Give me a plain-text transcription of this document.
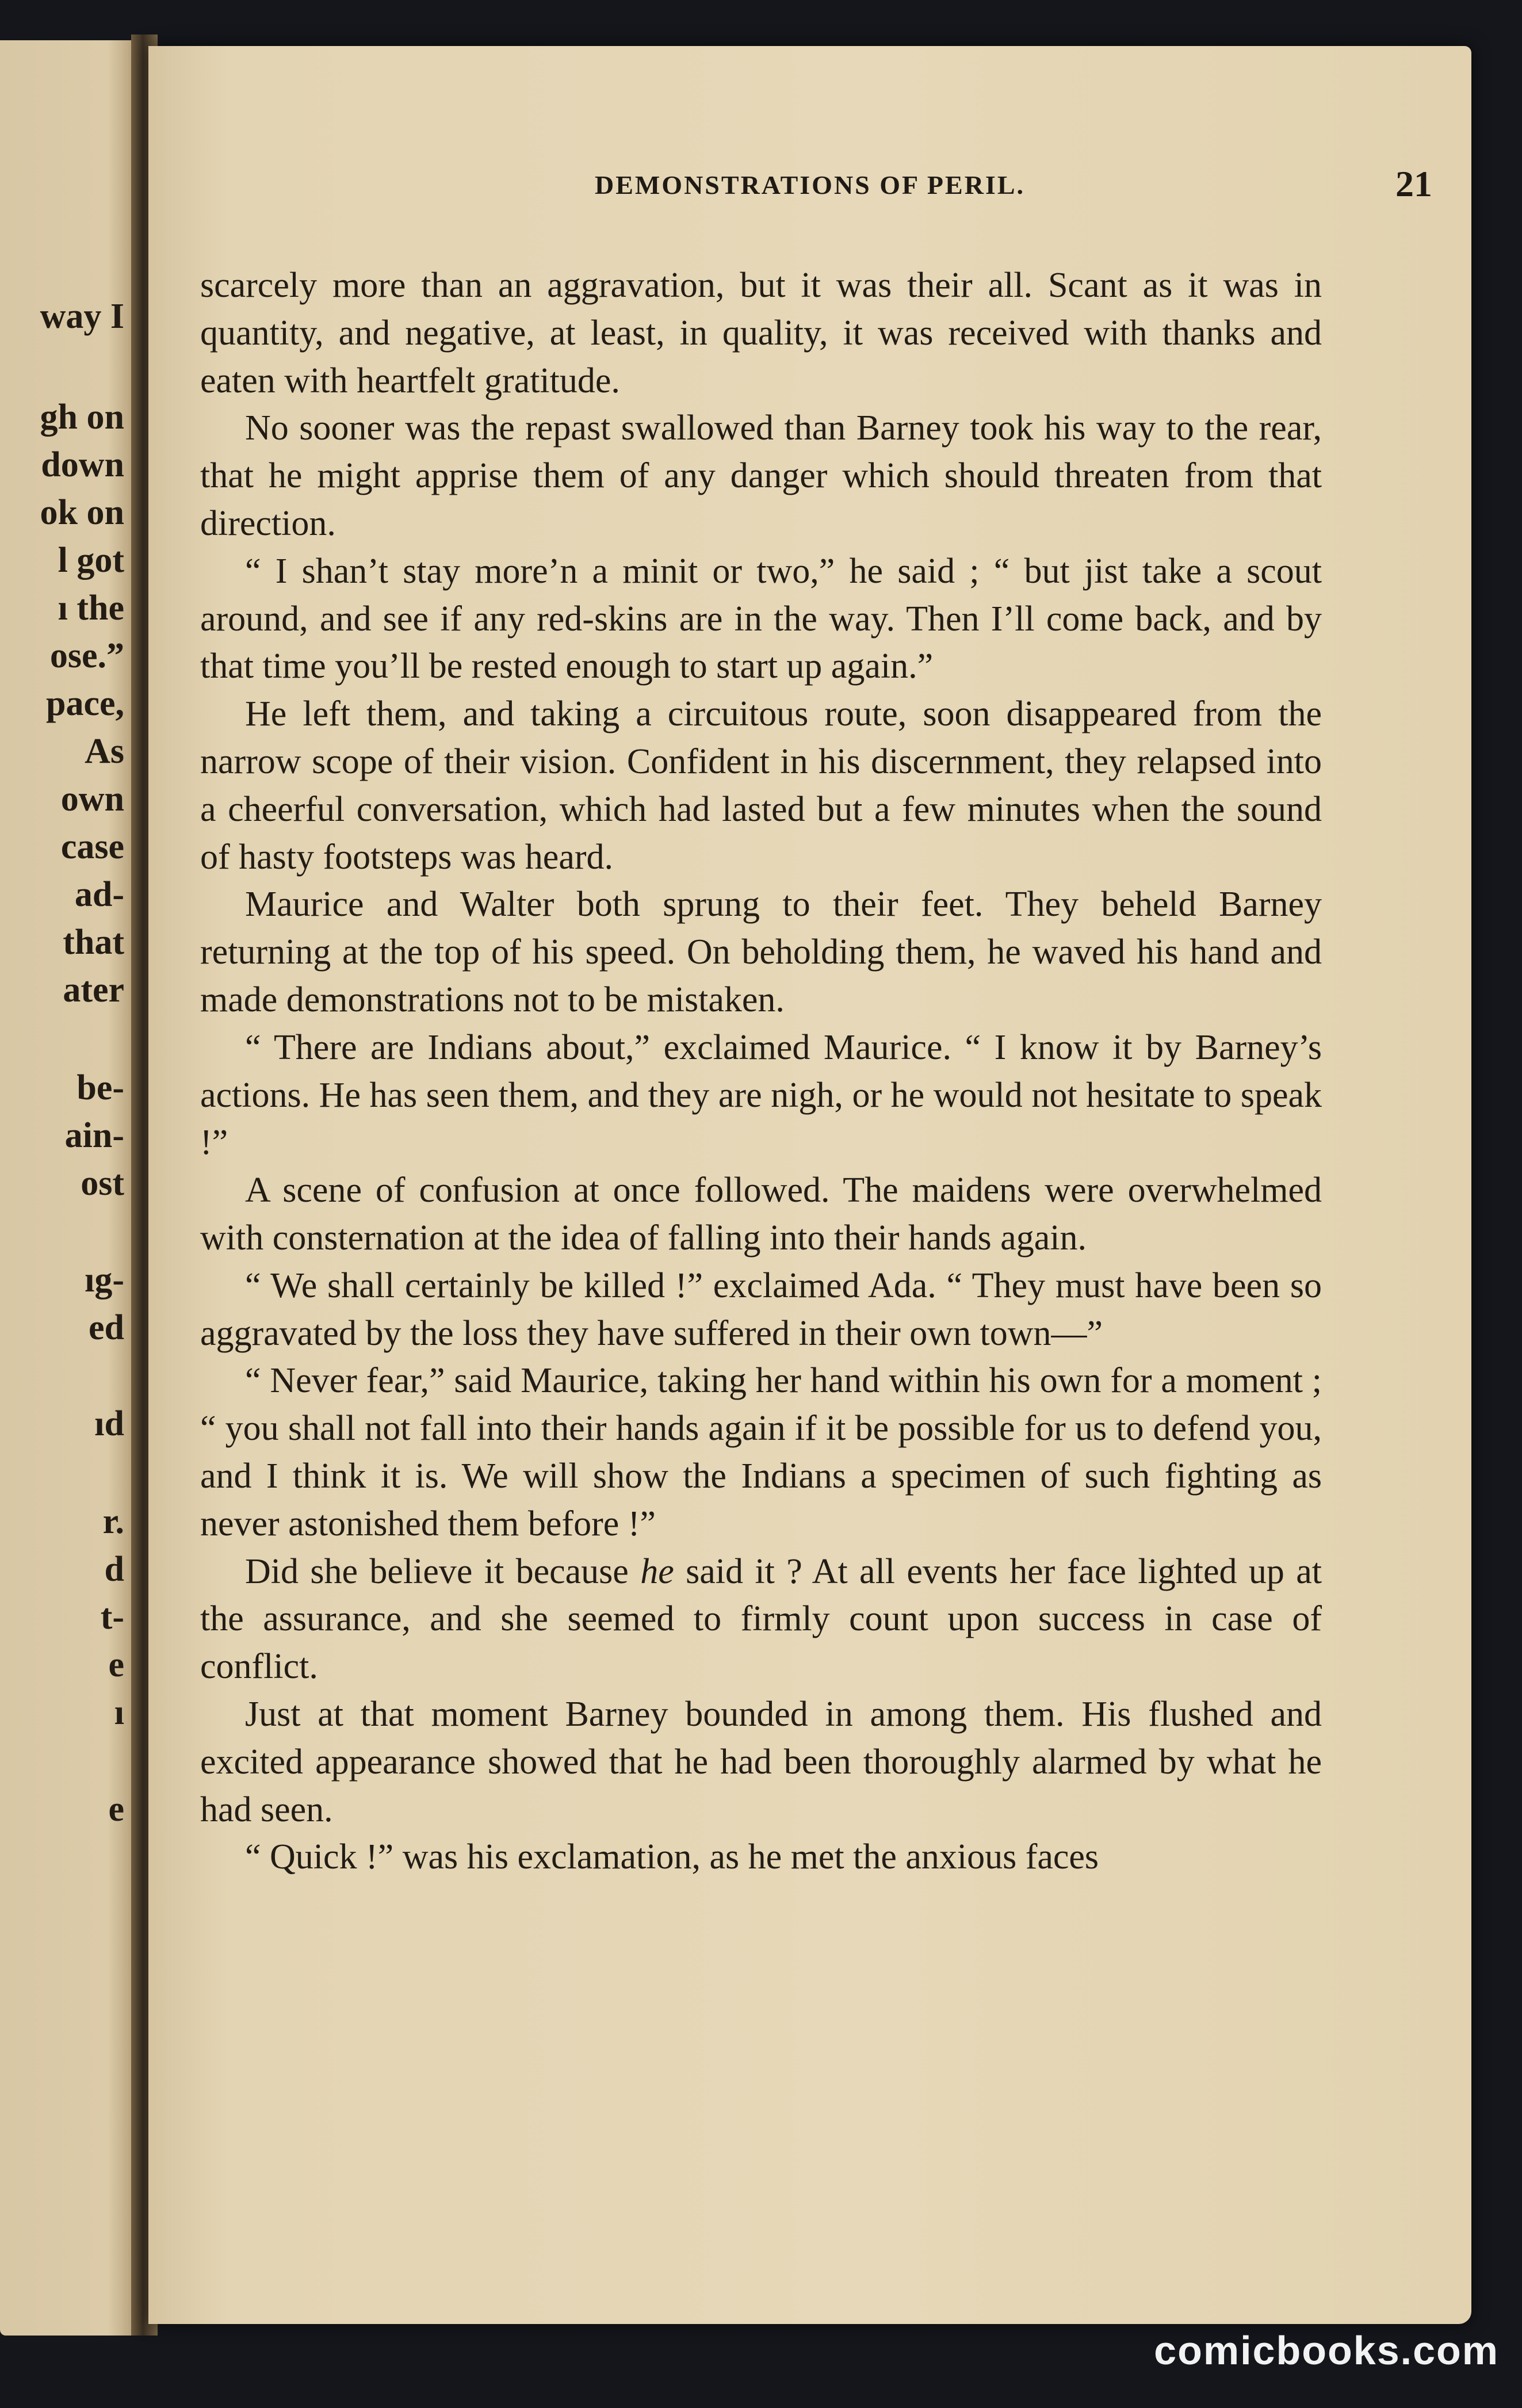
way I
gh on
down
ok on
l got
ı the
ose.”
pace,
As
own
case
ad-
that
ater
be-
ain-
ost
ıg-
ed
ıd
r.
d
t-
e
ı
e
DEMONSTRATIONS OF PERIL.	21

scarcely more than an aggravation, but it was their all. Scant as it was in quantity, and negative, at least, in quality, it was received with thanks and eaten with heartfelt gratitude.

No sooner was the repast swallowed than Barney took his way to the rear, that he might apprise them of any danger which should threaten from that direction.

“ I shan’t stay more’n a minit or two,” he said ; “ but jist take a scout around, and see if any red-skins are in the way. Then I’ll come back, and by that time you’ll be rested enough to start up again.”

He left them, and taking a circuitous route, soon disappeared from the narrow scope of their vision. Confident in his discernment, they relapsed into a cheerful conversation, which had lasted but a few minutes when the sound of hasty footsteps was heard.

Maurice and Walter both sprung to their feet. They beheld Barney returning at the top of his speed. On beholding them, he waved his hand and made demonstrations not to be mistaken.

“ There are Indians about,” exclaimed Maurice. “ I know it by Barney’s actions. He has seen them, and they are nigh, or he would not hesitate to speak !”

A scene of confusion at once followed. The maidens were overwhelmed with consternation at the idea of falling into their hands again.

“ We shall certainly be killed !” exclaimed Ada. “ They must have been so aggravated by the loss they have suffered in their own town—”

“ Never fear,” said Maurice, taking her hand within his own for a moment ; “ you shall not fall into their hands again if it be possible for us to defend you, and I think it is. We will show the Indians a specimen of such fighting as never astonished them before !”

Did she believe it because he said it ? At all events her face lighted up at the assurance, and she seemed to firmly count upon success in case of conflict.

Just at that moment Barney bounded in among them. His flushed and excited appearance showed that he had been thoroughly alarmed by what he had seen.

“ Quick !” was his exclamation, as he met the anxious faces

comicbooks.com
